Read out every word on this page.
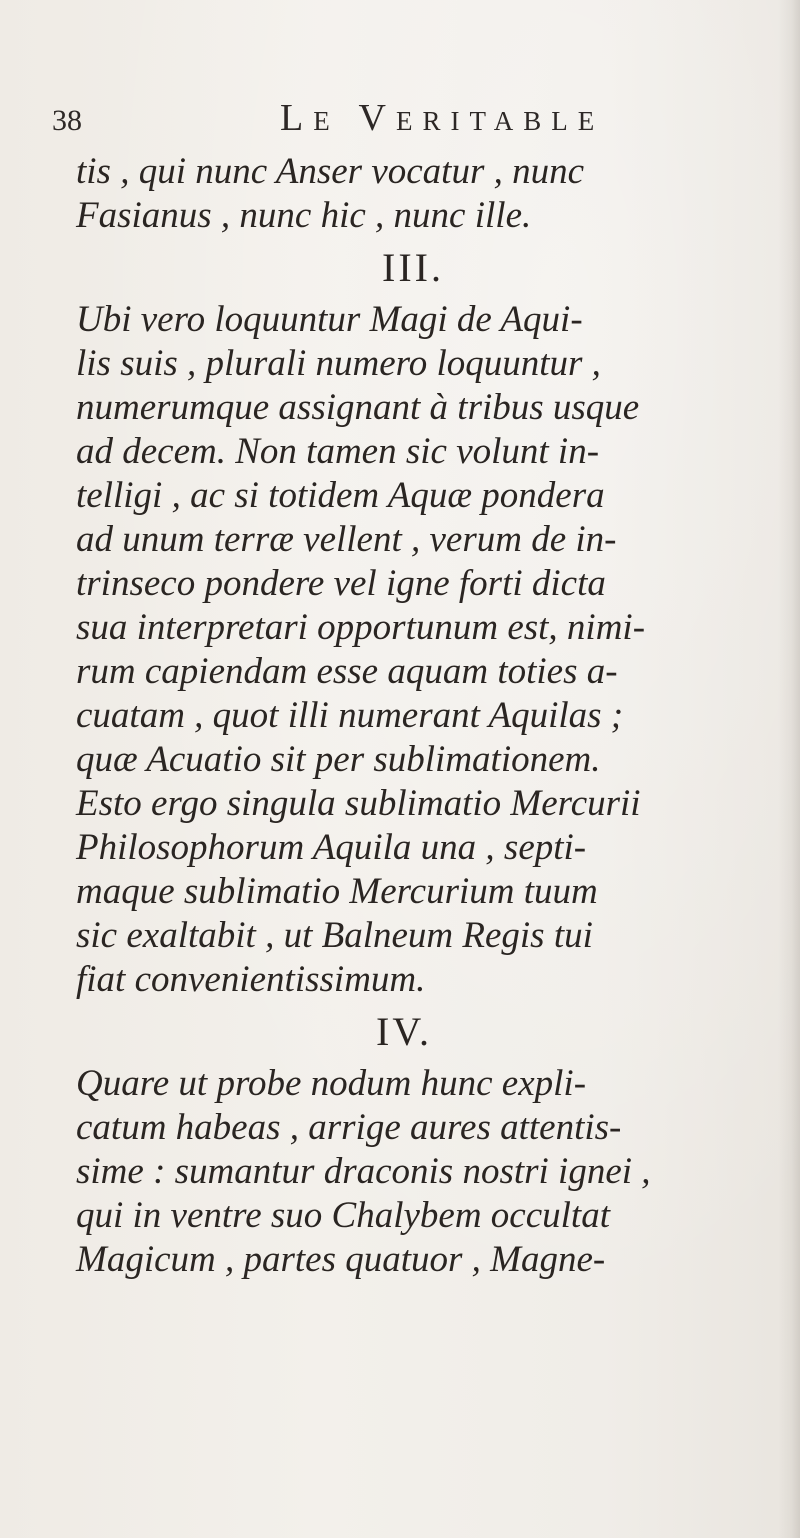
38	Le Veritable
tis , qui nunc Anser vocatur , nunc
Fasianus , nunc hic , nunc ille.
III.
Ubi vero loquuntur Magi de Aqui-
lis suis , plurali numero loquuntur ,
numerumque assignant à tribus usque
ad decem. Non tamen sic volunt in-
telligi , ac si totidem Aquæ pondera
ad unum terræ vellent , verum de in-
trinseco pondere vel igne forti dicta
sua interpretari opportunum est, nimi-
rum capiendam esse aquam toties a-
cuatam , quot illi numerant Aquilas ;
quæ Acuatio sit per sublimationem.
Esto ergo singula sublimatio Mercurii
Philosophorum Aquila una , septi-
maque sublimatio Mercurium tuum
sic exaltabit , ut Balneum Regis tui
fiat convenientissimum.
IV.
Quare ut probe nodum hunc expli-
catum habeas , arrige aures attentis-
sime : sumantur draconis nostri ignei ,
qui in ventre suo Chalybem occultat
Magicum , partes quatuor , Magne-
